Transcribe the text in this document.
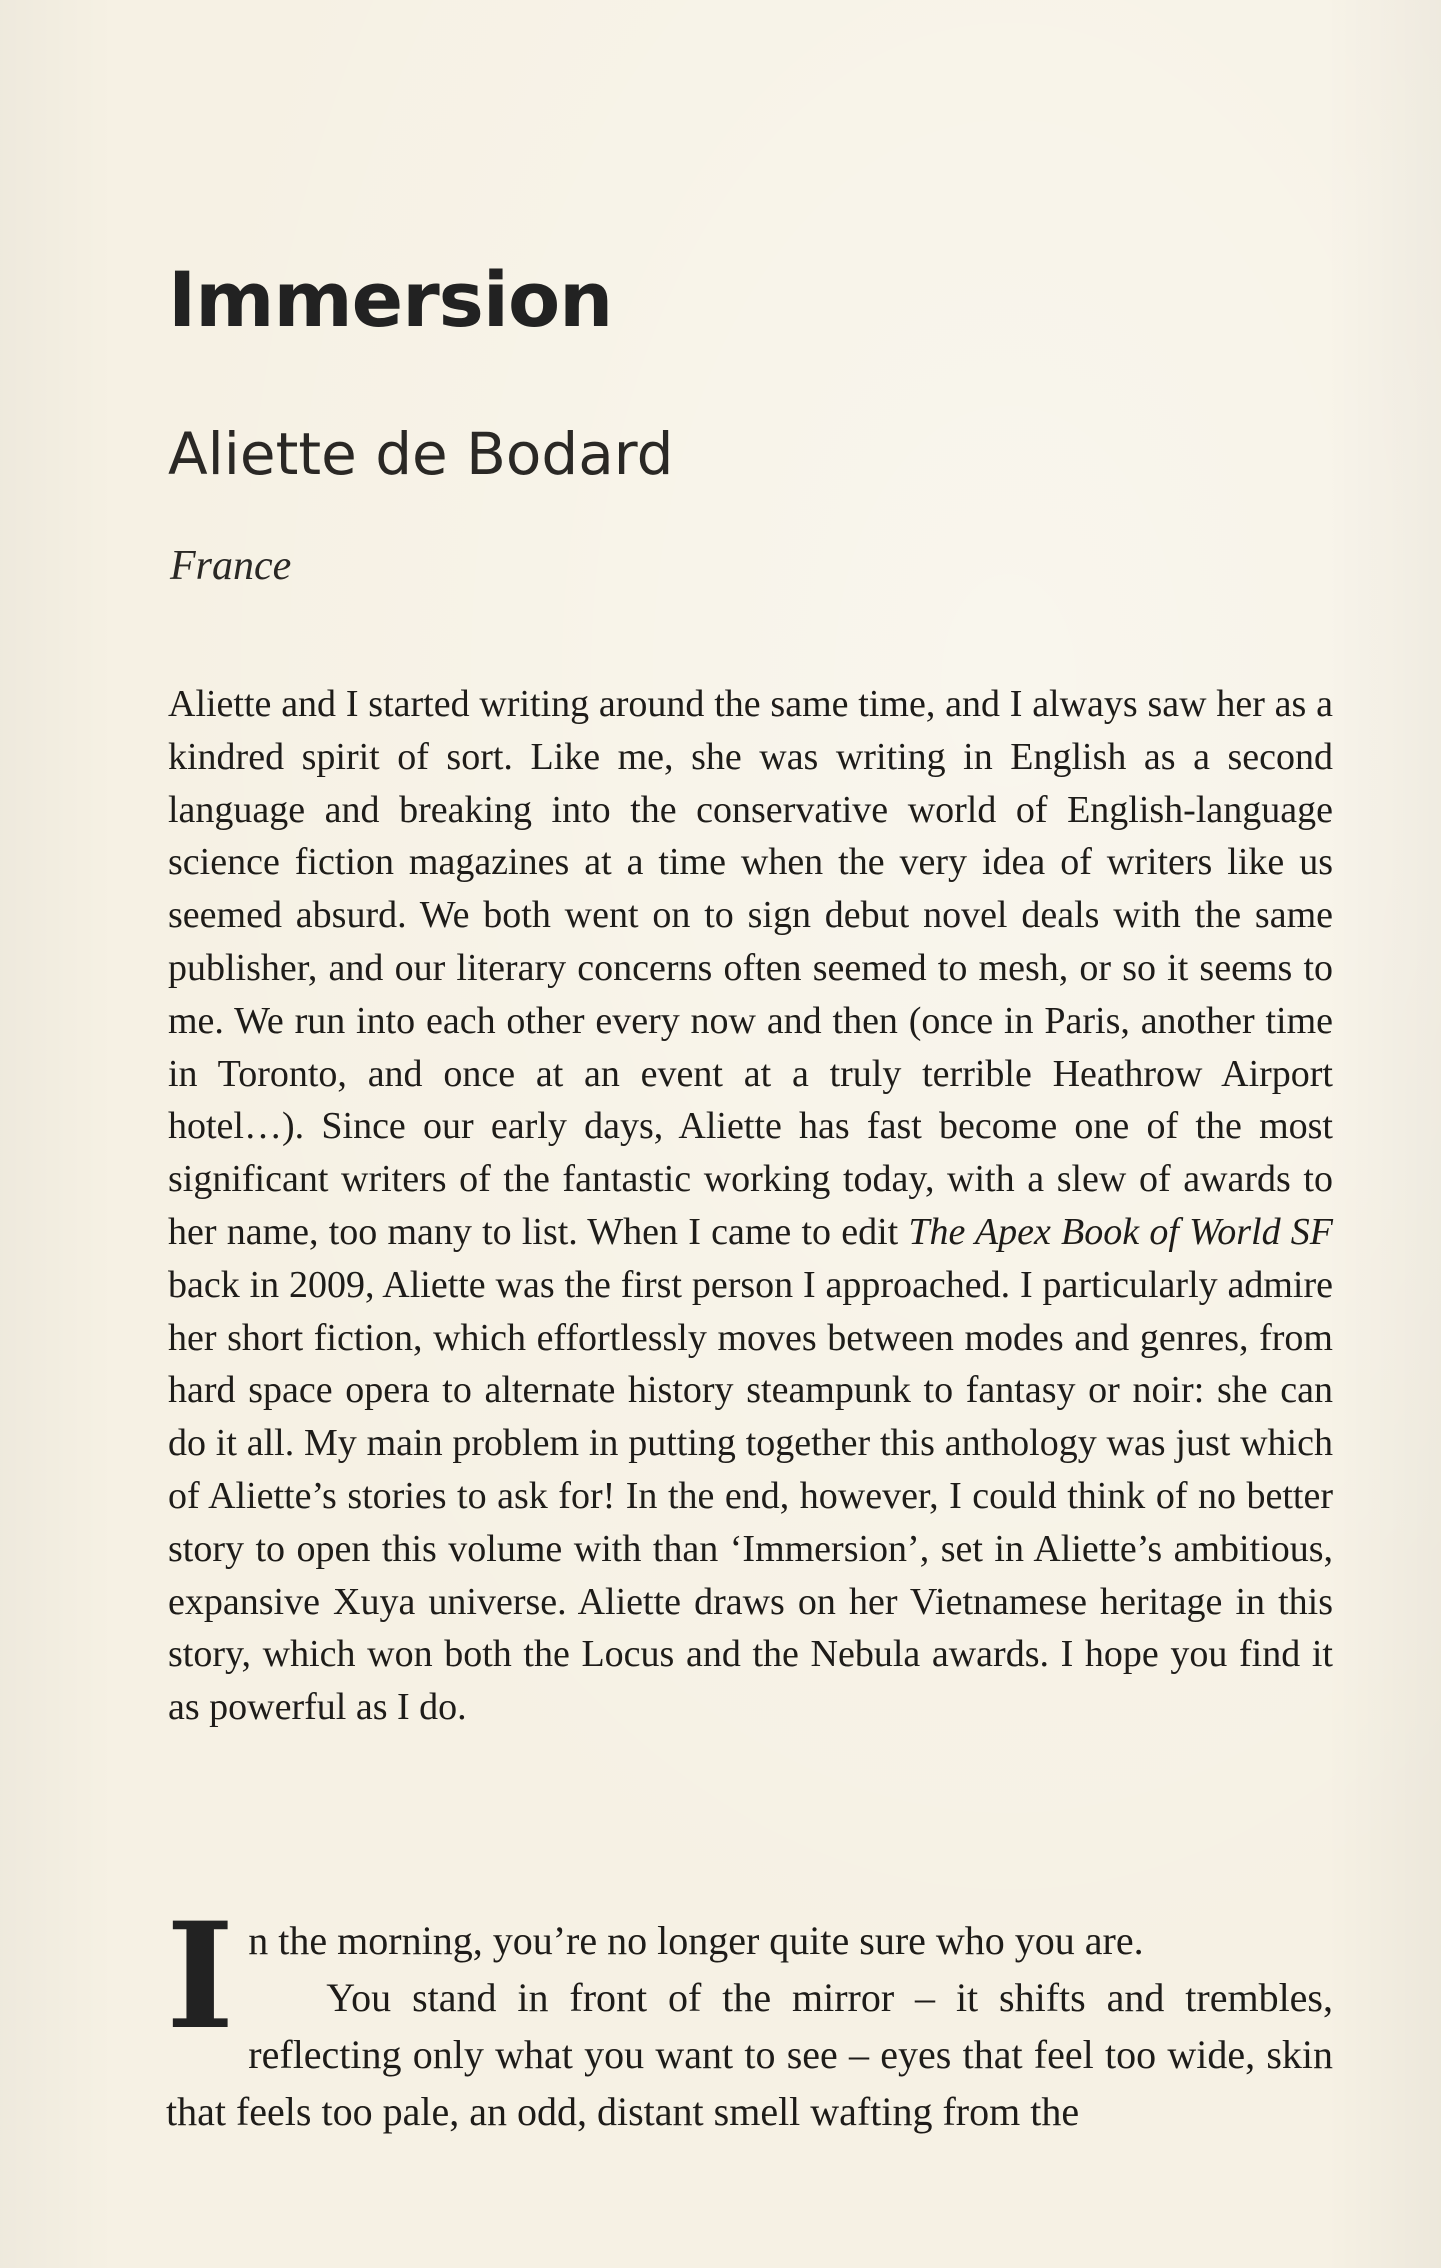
Immersion
Aliette de Bodard

France

Aliette and I started writing around the same time, and I always saw her as a kindred spirit of sort. Like me, she was writing in English as a second language and breaking into the conservative world of English-language science fiction magazines at a time when the very idea of writers like us seemed absurd. We both went on to sign debut novel deals with the same publisher, and our literary concerns often seemed to mesh, or so it seems to me. We run into each other every now and then (once in Paris, another time in Toronto, and once at an event at a truly terrible Heathrow Airport hotel…). Since our early days, Aliette has fast become one of the most significant writers of the fantastic working today, with a slew of awards to her name, too many to list. When I came to edit The Apex Book of World SF back in 2009, Aliette was the first person I approached. I particularly admire her short fiction, which effortlessly moves between modes and genres, from hard space opera to alternate history steampunk to fantasy or noir: she can do it all. My main problem in putting together this anthology was just which of Aliette’s stories to ask for! In the end, however, I could think of no better story to open this volume with than ‘Immersion’, set in Aliette’s ambitious, expansive Xuya universe. Aliette draws on her Vietnamese heritage in this story, which won both the Locus and the Nebula awards. I hope you find it as powerful as I do.

I n the morning, you’re no longer quite sure who you are.

You stand in front of the mirror – it shifts and trembles, reflecting only what you want to see – eyes that feel too wide, skin that feels too pale, an odd, distant smell wafting from the
